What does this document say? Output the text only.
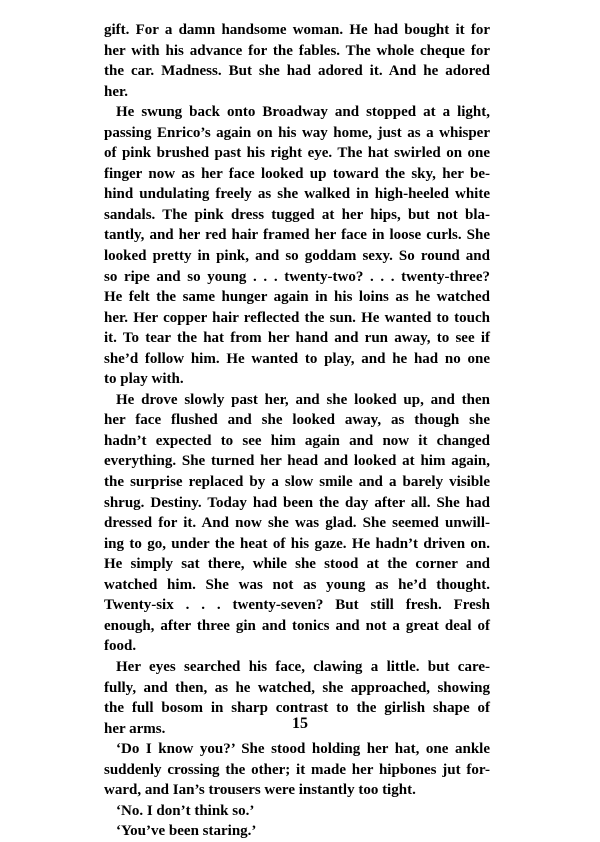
gift. For a damn handsome woman. He had bought it for
her with his advance for the fables. The whole cheque for
the car. Madness. But she had adored it. And he adored
her.
He swung back onto Broadway and stopped at a light,
passing Enrico’s again on his way home, just as a whisper
of pink brushed past his right eye. The hat swirled on one
finger now as her face looked up toward the sky, her be-
hind undulating freely as she walked in high-heeled white
sandals. The pink dress tugged at her hips, but not bla-
tantly, and her red hair framed her face in loose curls. She
looked pretty in pink, and so goddam sexy. So round and
so ripe and so young . . . twenty-two? . . . twenty-three?
He felt the same hunger again in his loins as he watched
her. Her copper hair reflected the sun. He wanted to touch
it. To tear the hat from her hand and run away, to see if
she’d follow him. He wanted to play, and he had no one
to play with.
He drove slowly past her, and she looked up, and then
her face flushed and she looked away, as though she
hadn’t expected to see him again and now it changed
everything. She turned her head and looked at him again,
the surprise replaced by a slow smile and a barely visible
shrug. Destiny. Today had been the day after all. She had
dressed for it. And now she was glad. She seemed unwill-
ing to go, under the heat of his gaze. He hadn’t driven on.
He simply sat there, while she stood at the corner and
watched him. She was not as young as he’d thought.
Twenty-six . . . twenty-seven? But still fresh. Fresh
enough, after three gin and tonics and not a great deal of
food.
Her eyes searched his face, clawing a little. but care-
fully, and then, as he watched, she approached, showing
the full bosom in sharp contrast to the girlish shape of
her arms.
‘Do I know you?’ She stood holding her hat, one ankle
suddenly crossing the other; it made her hipbones jut for-
ward, and Ian’s trousers were instantly too tight.
‘No. I don’t think so.’
‘You’ve been staring.’
15
